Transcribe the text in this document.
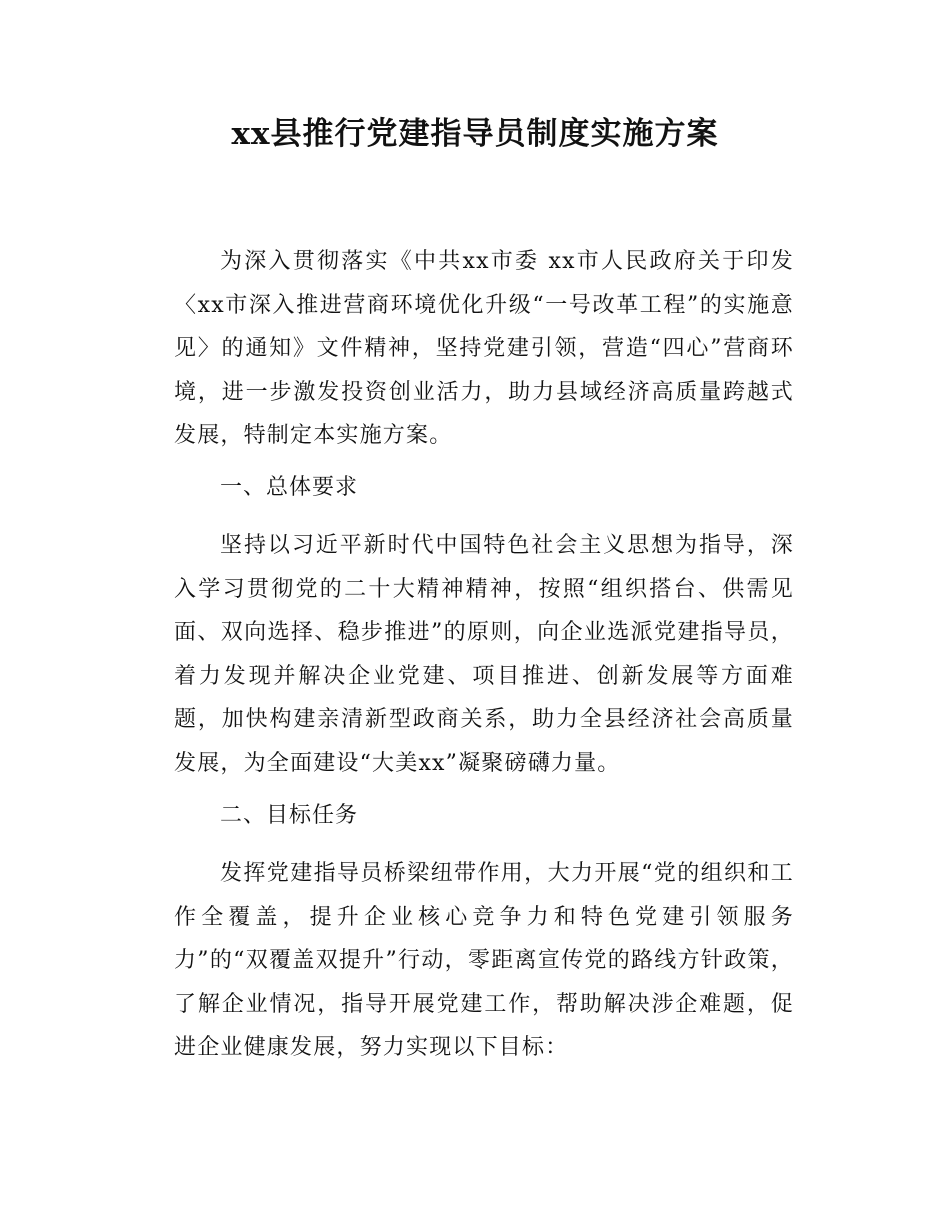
xx县推行党建指导员制度实施方案

为深入贯彻落实《中共xx市委 xx市人民政府关于印发〈xx市深入推进营商环境优化升级“一号改革工程”的实施意见〉的通知》文件精神，坚持党建引领，营造“四心”营商环境，进一步激发投资创业活力，助力县域经济高质量跨越式发展，特制定本实施方案。

一、总体要求

坚持以习近平新时代中国特色社会主义思想为指导，深入学习贯彻党的二十大精神精神，按照“组织搭台、供需见面、双向选择、稳步推进”的原则，向企业选派党建指导员，着力发现并解决企业党建、项目推进、创新发展等方面难题，加快构建亲清新型政商关系，助力全县经济社会高质量发展，为全面建设“大美xx”凝聚磅礴力量。

二、目标任务

发挥党建指导员桥梁纽带作用，大力开展“党的组织和工作全覆盖，提升企业核心竞争力和特色党建引领服务力”的“双覆盖双提升”行动，零距离宣传党的路线方针政策，了解企业情况，指导开展党建工作，帮助解决涉企难题，促进企业健康发展，努力实现以下目标：
